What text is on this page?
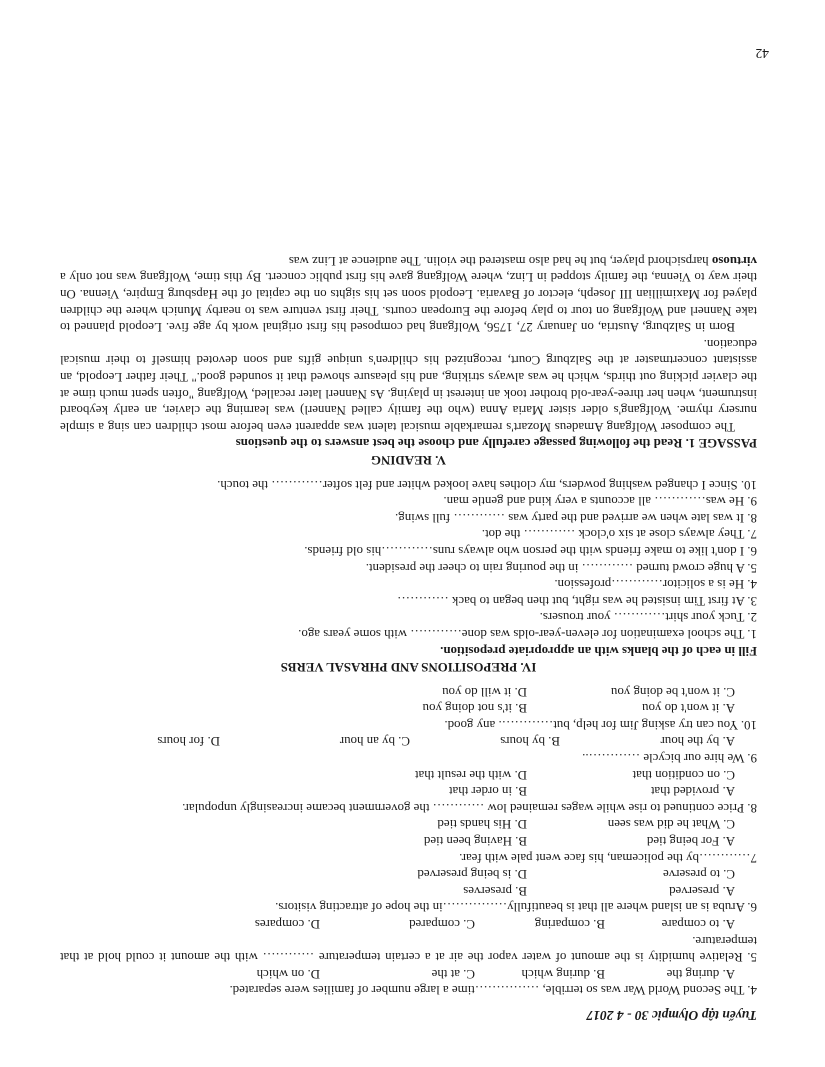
Tuyển tập Olympic 30 - 4 2017
4. The Second World War was so terrible, ……………time a large number of families were separated.
A. during the
B. during which
C. at the
D. on which
5. Relative humidity is the amount of water vapor the air at a certain temperature ………… with the amount it could hold at that temperature.
A. to compare
B. comparing
C. compared
D. compares
6. Aruba is an island where all that is beautifully……………in the hope of attracting visitors.
A. preserved
B. preserves
C. to preserve
D. is being preserved
7…………by the policeman, his face went pale with fear.
A. For being tied
B. Having been tied
C. What he did was seen
D. His hands tied
8. Price continued to rise while wages remained low ………… the government became increasingly unpopular.
A. provided that
B. in order that
C. on condition that
D. with the result that
9. We hire our bicycle …………..
A. by the hour
B. by hours
C. by an hour
D. for hours
10. You can try asking Jim for help, but…………. any good.
A. it won't do you
B. it's not doing you
C. it won't be doing you
D. it will do you
IV. PREPOSITIONS AND PHRASAL VERBS
Fill in each of the blanks with an appropriate preposition.
1. The school examination for eleven-year-olds was done………… with some years ago.
2. Tuck your shirt………… your trousers.
3. At first Tim insisted he was right, but then began to back …………
4. He is a solicitor…………profession.
5. A huge crowd turned ………… in the pouring rain to cheer the president.
6. I don't like to make friends with the person who always runs…………his old friends.
7. They always close at six o'clock ………… the dot.
8. It was late when we arrived and the party was ………… full swing.
9. He was………… all accounts a very kind and gentle man.
10. Since I changed washing powders, my clothes have looked whiter and felt softer………… the touch.
V. READING
PASSAGE 1. Read the following passage carefully and choose the best answers to the questions

The composer Wolfgang Amadeus Mozart's remarkable musical talent was apparent even before most children can sing a simple nursery rhyme. Wolfgang's older sister Maria Anna (who the family called Nannerl) was learning the clavier, an early keyboard instrument, when her three-year-old brother took an interest in playing. As Nannerl later recalled, Wolfgang "often spent much time at the clavier picking out thirds, which he was always striking, and his pleasure showed that it sounded good." Their father Leopold, an assistant concertmaster at the Salzburg Court, recognized his children's unique gifts and soon devoted himself to their musical education.

Born in Salzburg, Austria, on January 27, 1756, Wolfgang had composed his first original work by age five. Leopold planned to take Nannerl and Wolfgang on tour to play before the European courts. Their first venture was to nearby Munich where the children played for Maximillian III Joseph, elector of Bavaria. Leopold soon set his sights on the capital of the Hapsburg Empire, Vienna. On their way to Vienna, the family stopped in Linz, where Wolfgang gave his first public concert. By this time, Wolfgang was not only a virtuoso harpsichord player, but he had also mastered the violin. The audience at Linz was

42
